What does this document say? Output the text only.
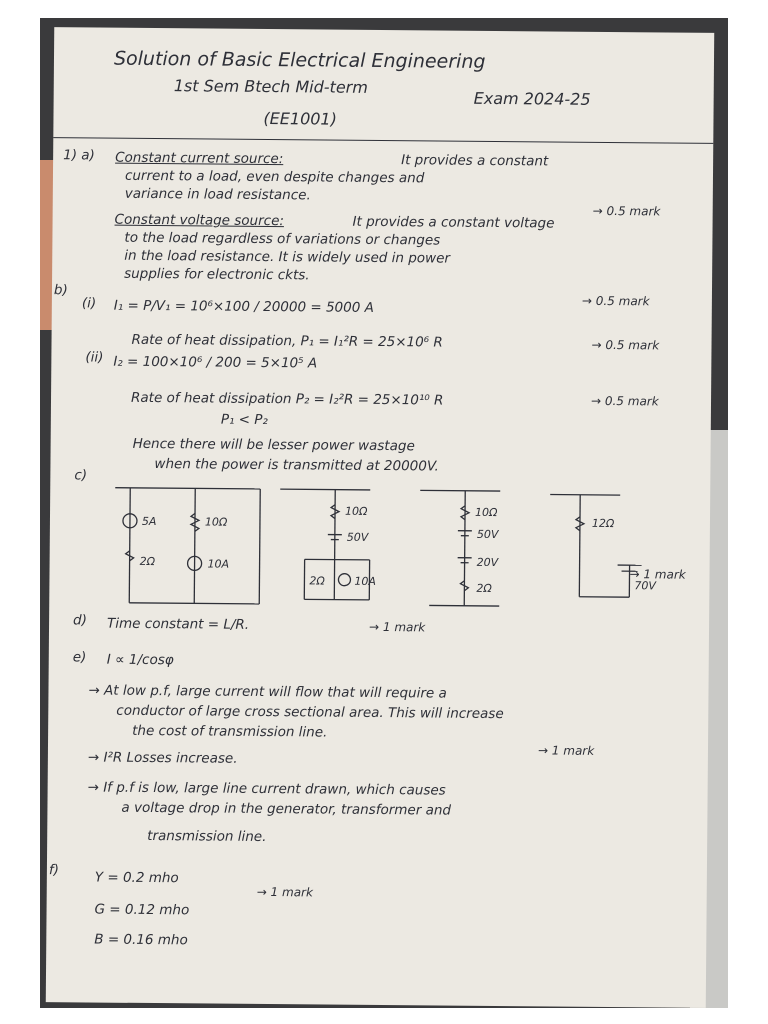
Solution of Basic Electrical Engineering
1st Sem Btech Mid-term
Exam 2024-25
(EE1001)
1) a) Constant current source:	It provides a constant
current to a load, even despite changes and
variance in load resistance.
→ 0.5 mark
Constant voltage source:	It provides a constant voltage
to the load regardless of variations or changes
in the load resistance. It is widely used in power
supplies for electronic ckts.
b)
(i) I₁ = P/V₁ = 10⁶×100 / 20000 = 5000 A	→ 0.5 mark
Rate of heat dissipation, P₁ = I₁²R = 25×10⁶ R	→ 0.5 mark
(ii) I₂ = 100×10⁶ / 200 = 5×10⁵ A
Rate of heat dissipation P₂ = I₂²R = 25×10¹⁰ R	→ 0.5 mark
P₁ < P₂
Hence there will be lesser power wastage
when the power is transmitted at 20000V.
c)
5A	10Ω
2Ω	10A
10Ω
50V
2Ω	10A
10Ω
50V
20V
2Ω
12Ω
70V
→ 1 mark
d) Time constant = L/R.	→ 1 mark
e) I ∝ 1/cosφ
→ At low p.f, large current will flow that will require a
conductor of large cross sectional area. This will increase
the cost of transmission line.
→ 1 mark
→ I²R Losses increase.
→ If p.f is low, large line current drawn, which causes
a voltage drop in the generator, transformer and
transmission line.
f)	Y = 0.2 mho
→ 1 mark
G = 0.12 mho
B = 0.16 mho
